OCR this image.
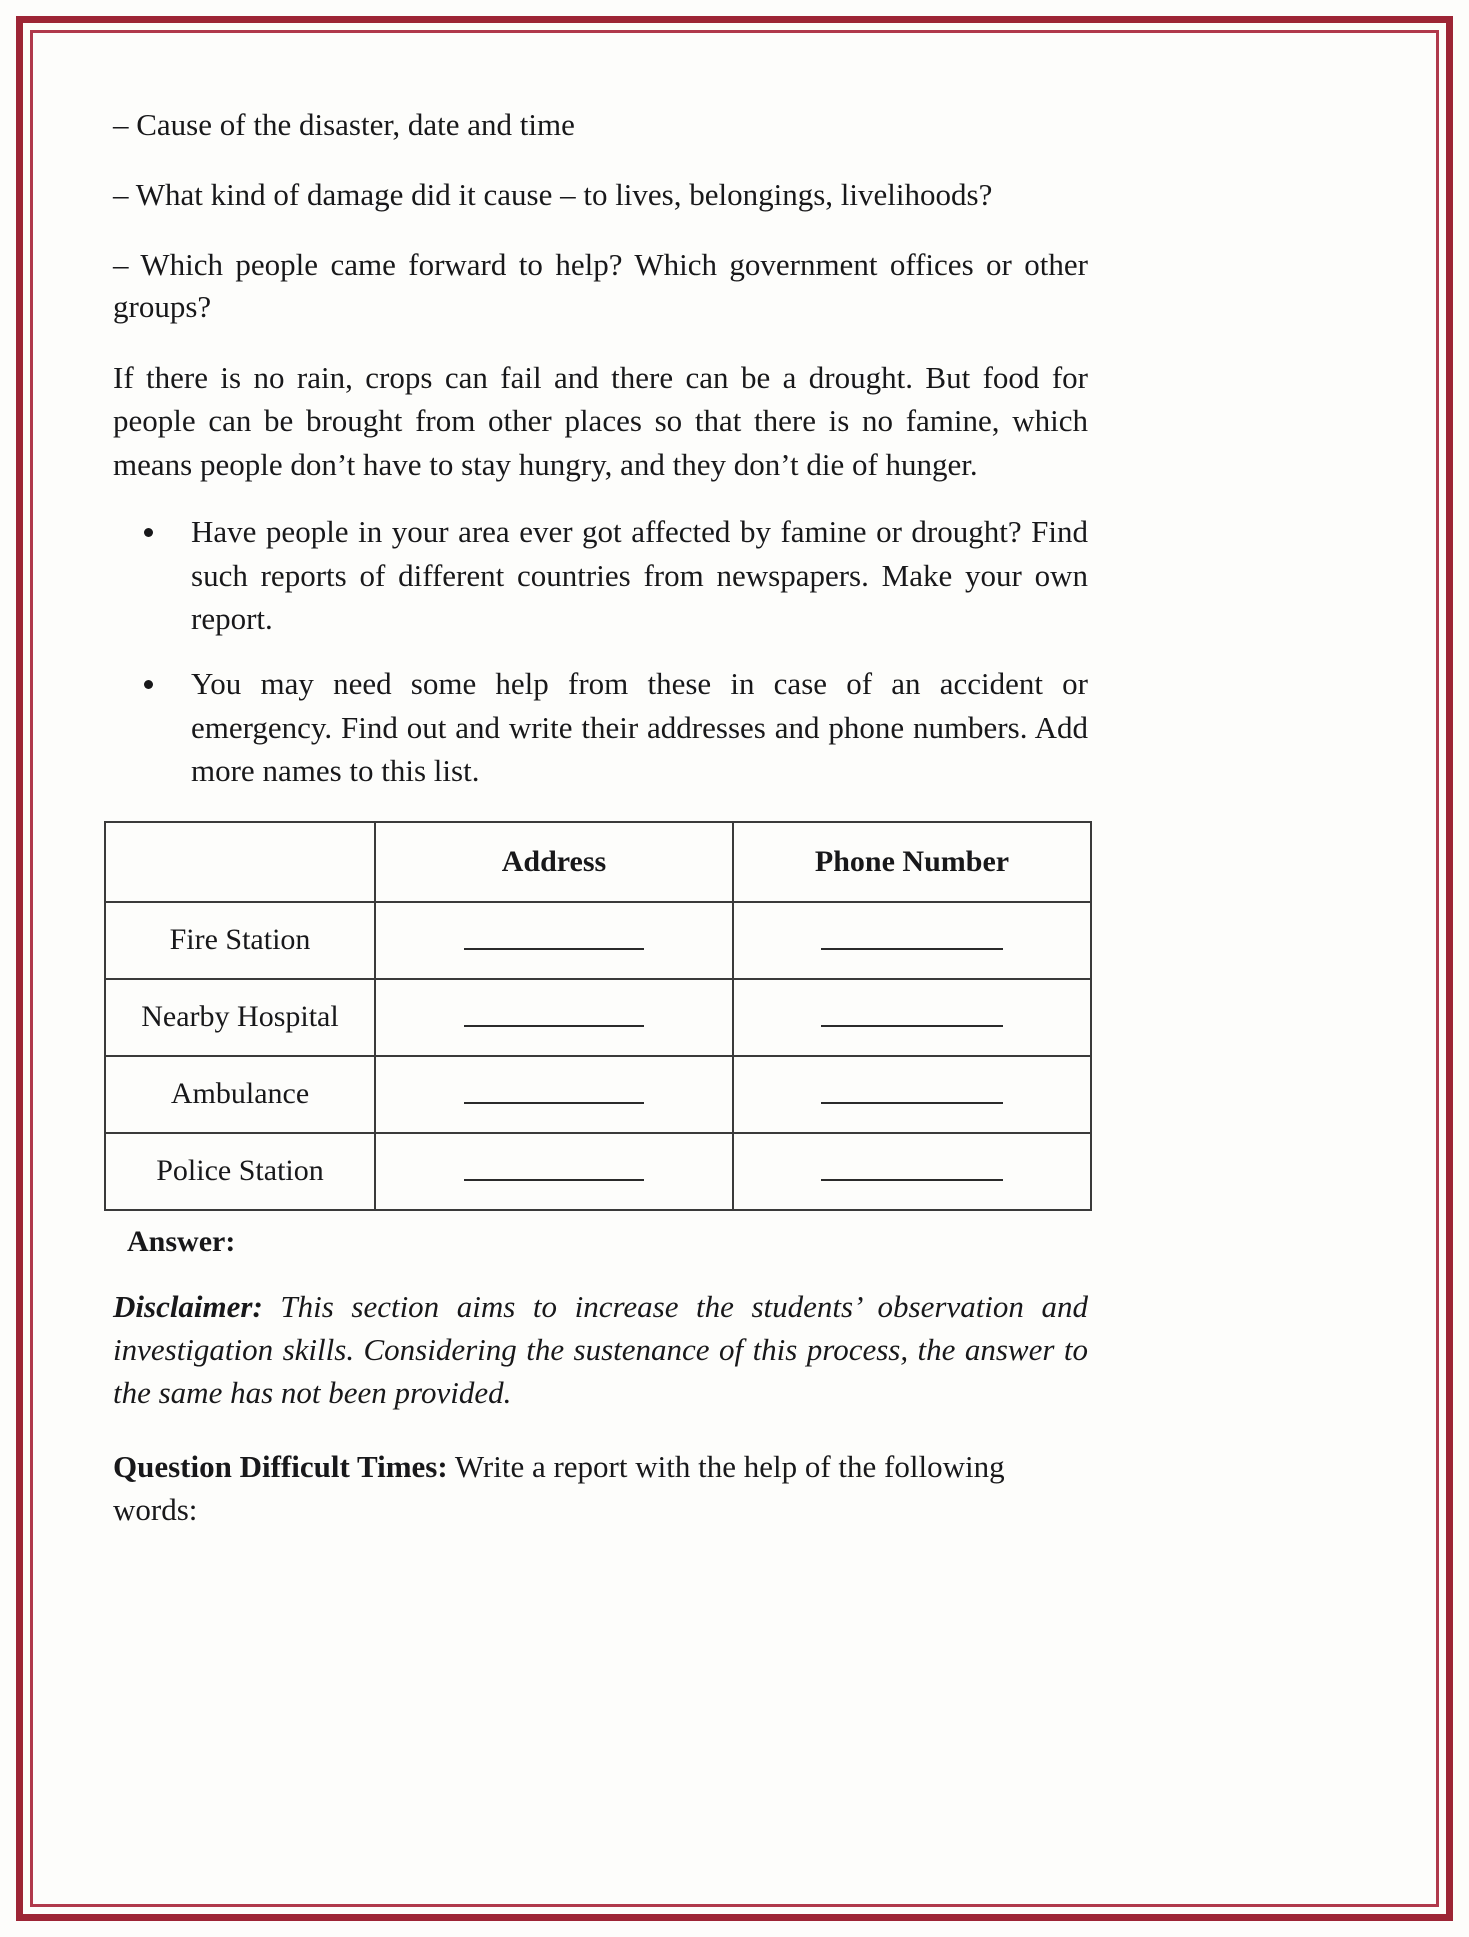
– Cause of the disaster, date and time

– What kind of damage did it cause – to lives, belongings, livelihoods?

– Which people came forward to help? Which government offices or other groups?

If there is no rain, crops can fail and there can be a drought. But food for people can be brought from other places so that there is no famine, which means people don’t have to stay hungry, and they don’t die of hunger.

Have people in your area ever got affected by famine or drought? Find such reports of different countries from newspapers. Make your own report.
You may need some help from these in case of an accident or emergency. Find out and write their addresses and phone numbers. Add more names to this list.
	Address	Phone Number
Fire Station	

Nearby Hospital	

Ambulance	

Police Station	

Answer:

Disclaimer: This section aims to increase the students’ observation and investigation skills. Considering the sustenance of this process, the answer to the same has not been provided.

Question Difficult Times: Write a report with the help of the following words:
